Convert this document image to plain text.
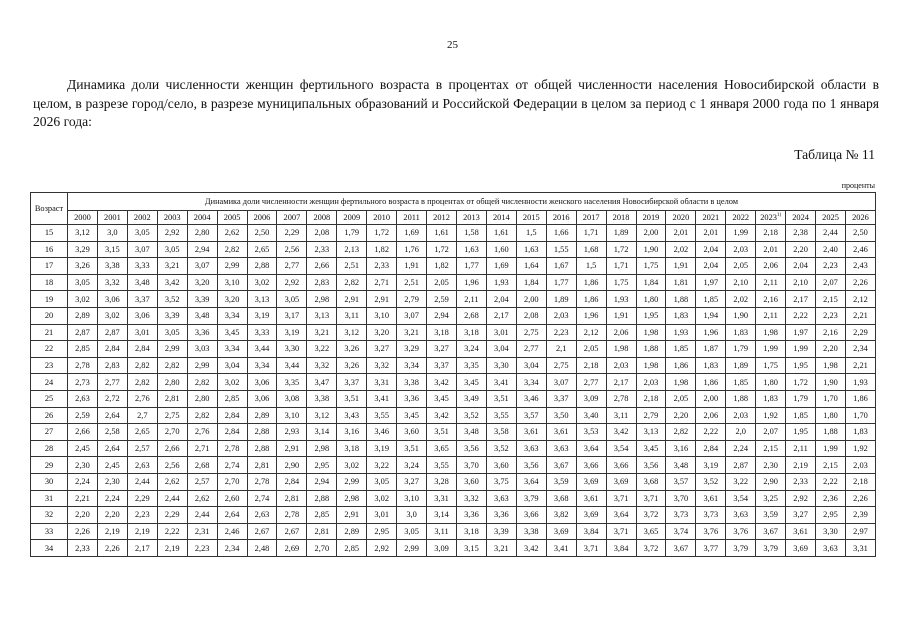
25
Динамика доли численности женщин фертильного возраста в процентах от общей численности населения Новосибирской области в целом, в разрезе город/село, в разрезе муниципальных образований и Российской Федерации в целом за период с 1 января 2000 года по 1 января 2026 года:
Таблица № 11
проценты
Возраст	Динамика доли численности женщин фертильного возраста в процентах от общей численности женского населения Новосибирской области в целом																										
	2000	2001	2002	2003	2004	2005	2006	2007	2008	2009	2010	2011	2012	2013	2014	2015	2016	2017	2018	2019	2020	2021	2022	2023$^{1)}$	2024	2025	2026
15	3,12	3,0	3,05	2,92	2,80	2,62	2,50	2,29	2,08	1,79	1,72	1,69	1,61	1,58	1,61	1,5	1,66	1,71	1,89	2,00	2,01	2,01	1,99	2,18	2,38	2,44	2,50
16	3,29	3,15	3,07	3,05	2,94	2,82	2,65	2,56	2,33	2,13	1,82	1,76	1,72	1,63	1,60	1,63	1,55	1,68	1,72	1,90	2,02	2,04	2,03	2,01	2,20	2,40	2,46
17	3,26	3,38	3,33	3,21	3,07	2,99	2,88	2,77	2,66	2,51	2,33	1,91	1,82	1,77	1,69	1,64	1,67	1,5	1,71	1,75	1,91	2,04	2,05	2,06	2,04	2,23	2,43
18	3,05	3,32	3,48	3,42	3,20	3,10	3,02	2,92	2,83	2,82	2,71	2,51	2,05	1,96	1,93	1,84	1,77	1,86	1,75	1,84	1,81	1,97	2,10	2,11	2,10	2,07	2,26
19	3,02	3,06	3,37	3,52	3,39	3,20	3,13	3,05	2,98	2,91	2,91	2,79	2,59	2,11	2,04	2,00	1,89	1,86	1,93	1,80	1,88	1,85	2,02	2,16	2,17	2,15	2,12
20	2,89	3,02	3,06	3,39	3,48	3,34	3,19	3,17	3,13	3,11	3,10	3,07	2,94	2,68	2,17	2,08	2,03	1,96	1,91	1,95	1,83	1,94	1,90	2,11	2,22	2,23	2,21
21	2,87	2,87	3,01	3,05	3,36	3,45	3,33	3,19	3,21	3,12	3,20	3,21	3,18	3,18	3,01	2,75	2,23	2,12	2,06	1,98	1,93	1,96	1,83	1,98	1,97	2,16	2,29
22	2,85	2,84	2,84	2,99	3,03	3,34	3,44	3,30	3,22	3,26	3,27	3,29	3,27	3,24	3,04	2,77	2,1	2,05	1,98	1,88	1,85	1,87	1,79	1,99	1,99	2,20	2,34
23	2,78	2,83	2,82	2,82	2,99	3,04	3,34	3,44	3,32	3,26	3,32	3,34	3,37	3,35	3,30	3,04	2,75	2,18	2,03	1,98	1,86	1,83	1,89	1,75	1,95	1,98	2,21
24	2,73	2,77	2,82	2,80	2,82	3,02	3,06	3,35	3,47	3,37	3,31	3,38	3,42	3,45	3,41	3,34	3,07	2,77	2,17	2,03	1,98	1,86	1,85	1,80	1,72	1,90	1,93
25	2,63	2,72	2,76	2,81	2,80	2,85	3,06	3,08	3,38	3,51	3,41	3,36	3,45	3,49	3,51	3,46	3,37	3,09	2,78	2,18	2,05	2,00	1,88	1,83	1,79	1,70	1,86
26	2,59	2,64	2,7	2,75	2,82	2,84	2,89	3,10	3,12	3,43	3,55	3,45	3,42	3,52	3,55	3,57	3,50	3,40	3,11	2,79	2,20	2,06	2,03	1,92	1,85	1,80	1,70
27	2,66	2,58	2,65	2,70	2,76	2,84	2,88	2,93	3,14	3,16	3,46	3,60	3,51	3,48	3,58	3,61	3,61	3,53	3,42	3,13	2,82	2,22	2,0	2,07	1,95	1,88	1,83
28	2,45	2,64	2,57	2,66	2,71	2,78	2,88	2,91	2,98	3,18	3,19	3,51	3,65	3,56	3,52	3,63	3,63	3,64	3,54	3,45	3,16	2,84	2,24	2,15	2,11	1,99	1,92
29	2,30	2,45	2,63	2,56	2,68	2,74	2,81	2,90	2,95	3,02	3,22	3,24	3,55	3,70	3,60	3,56	3,67	3,66	3,66	3,56	3,48	3,19	2,87	2,30	2,19	2,15	2,03
30	2,24	2,30	2,44	2,62	2,57	2,70	2,78	2,84	2,94	2,99	3,05	3,27	3,28	3,60	3,75	3,64	3,59	3,69	3,69	3,68	3,57	3,52	3,22	2,90	2,33	2,22	2,18
31	2,21	2,24	2,29	2,44	2,62	2,60	2,74	2,81	2,88	2,98	3,02	3,10	3,31	3,32	3,63	3,79	3,68	3,61	3,71	3,71	3,70	3,61	3,54	3,25	2,92	2,36	2,26
32	2,20	2,20	2,23	2,29	2,44	2,64	2,63	2,78	2,85	2,91	3,01	3,0	3,14	3,36	3,36	3,66	3,82	3,69	3,64	3,72	3,73	3,73	3,63	3,59	3,27	2,95	2,39
33	2,26	2,19	2,19	2,22	2,31	2,46	2,67	2,67	2,81	2,89	2,95	3,05	3,11	3,18	3,39	3,38	3,69	3,84	3,71	3,65	3,74	3,76	3,76	3,67	3,61	3,30	2,97
34	2,33	2,26	2,17	2,19	2,23	2,34	2,48	2,69	2,70	2,85	2,92	2,99	3,09	3,15	3,21	3,42	3,41	3,71	3,84	3,72	3,67	3,77	3,79	3,79	3,69	3,63	3,31
